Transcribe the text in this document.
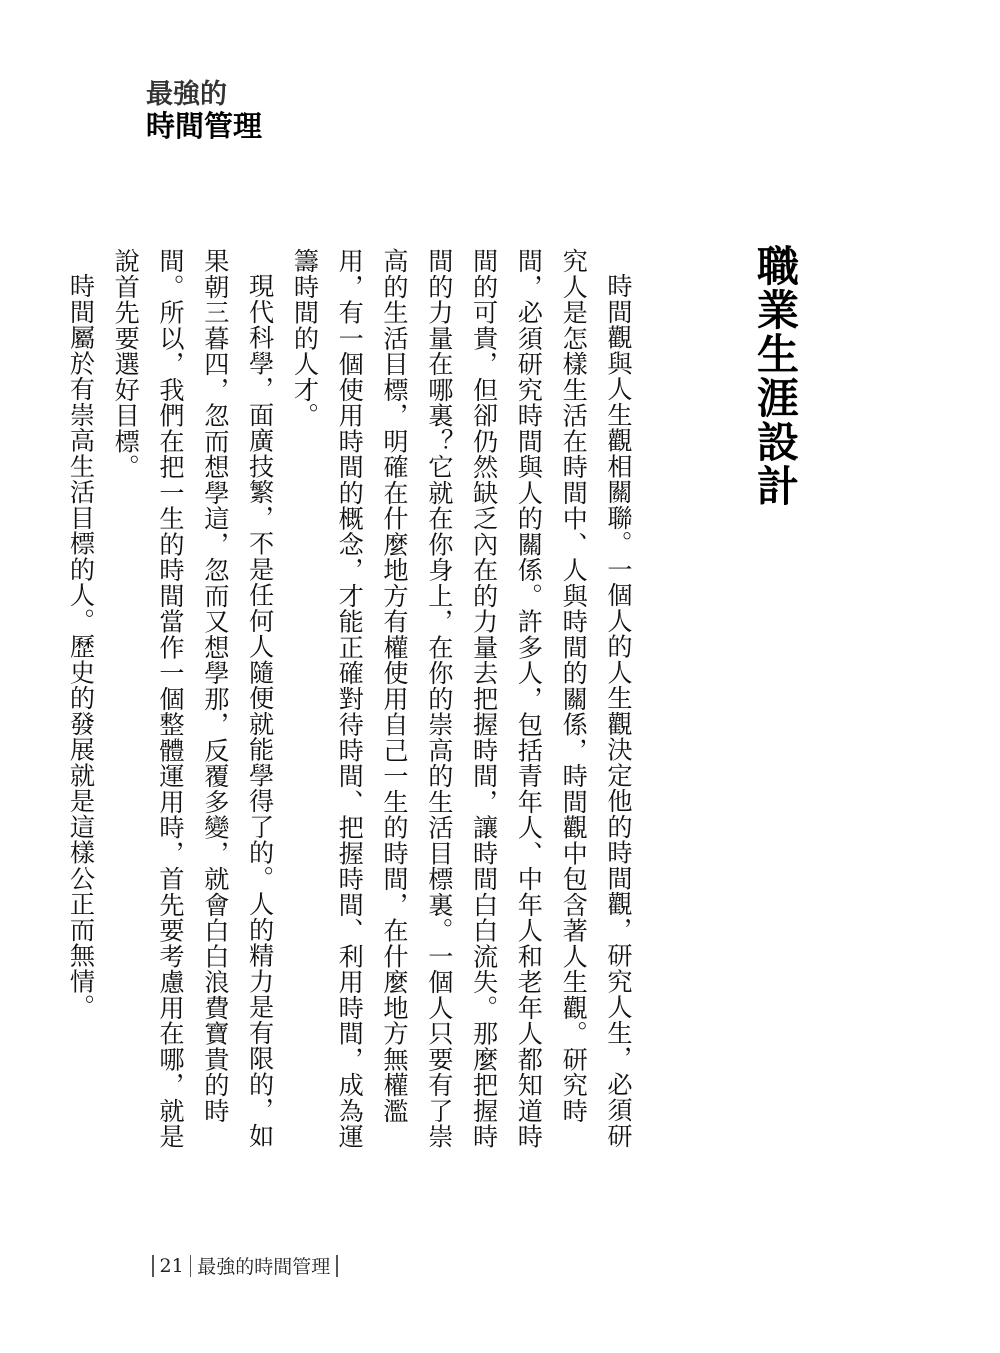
最強的
時間管理
職業生涯設計

時間觀與人生觀相關聯。一個人的人生觀決定他的時間觀，研究人生，必須研究人是怎樣生活在時間中、人與時間的關係，時間觀中包含著人生觀。研究時間，必須研究時間與人的關係。許多人，包括青年人、中年人和老年人都知道時間的可貴，但卻仍然缺乏內在的力量去把握時間，讓時間白白流失。那麼把握時間的力量在哪裏？它就在你身上，在你的崇高的生活目標裏。一個人只要有了崇高的生活目標，明確在什麼地方有權使用自己一生的時間，在什麼地方無權濫用，有一個使用時間的概念，才能正確對待時間、把握時間、利用時間，成為運籌時間的人才。

現代科學，面廣技繁，不是任何人隨便就能學得了的。人的精力是有限的，如果朝三暮四，忽而想學這，忽而又想學那，反覆多變，就會白白浪費寶貴的時間。所以，我們在把一生的時間當作一個整體運用時，首先要考慮用在哪，就是說首先要選好目標。

時間屬於有崇高生活目標的人。歷史的發展就是這樣公正而無情。

21 最強的時間管理
